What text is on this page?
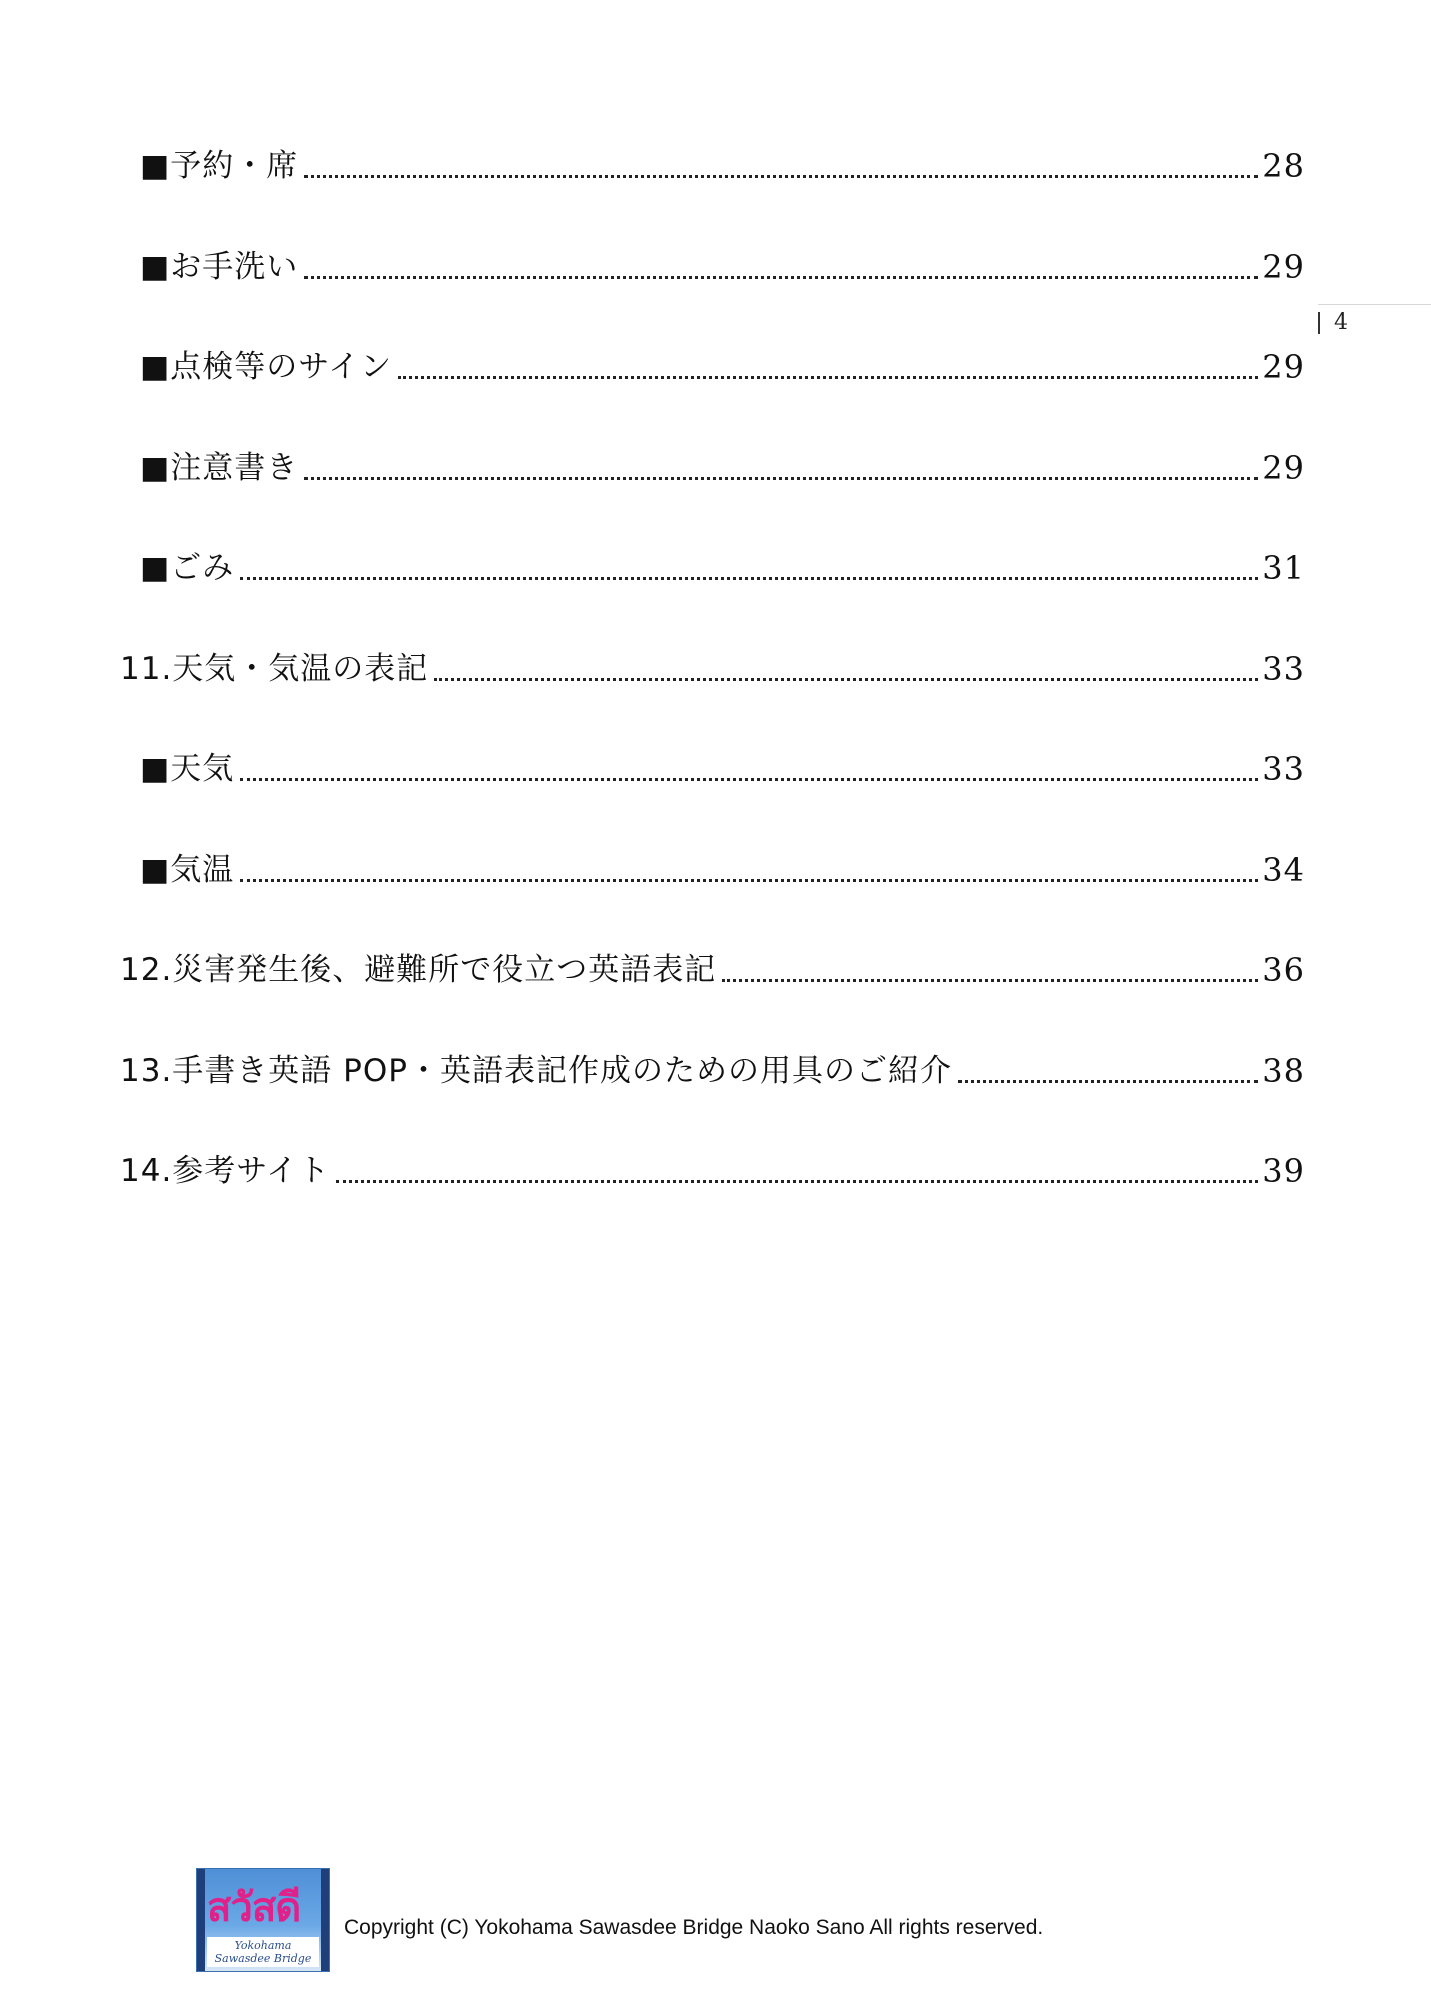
4
■予約・席	28
■お手洗い	29
■点検等のサイン	29
■注意書き	29
■ごみ	31
11.天気・気温の表記	33
■天気	33
■気温	34
12.災害発生後、避難所で役立つ英語表記	36
13.手書き英語 POP・英語表記作成のための用具のご紹介	38
14.参考サイト	39
สวัสดี
Yokohama
Sawasdee Bridge
Copyright (C) Yokohama Sawasdee Bridge Naoko Sano All rights reserved.
